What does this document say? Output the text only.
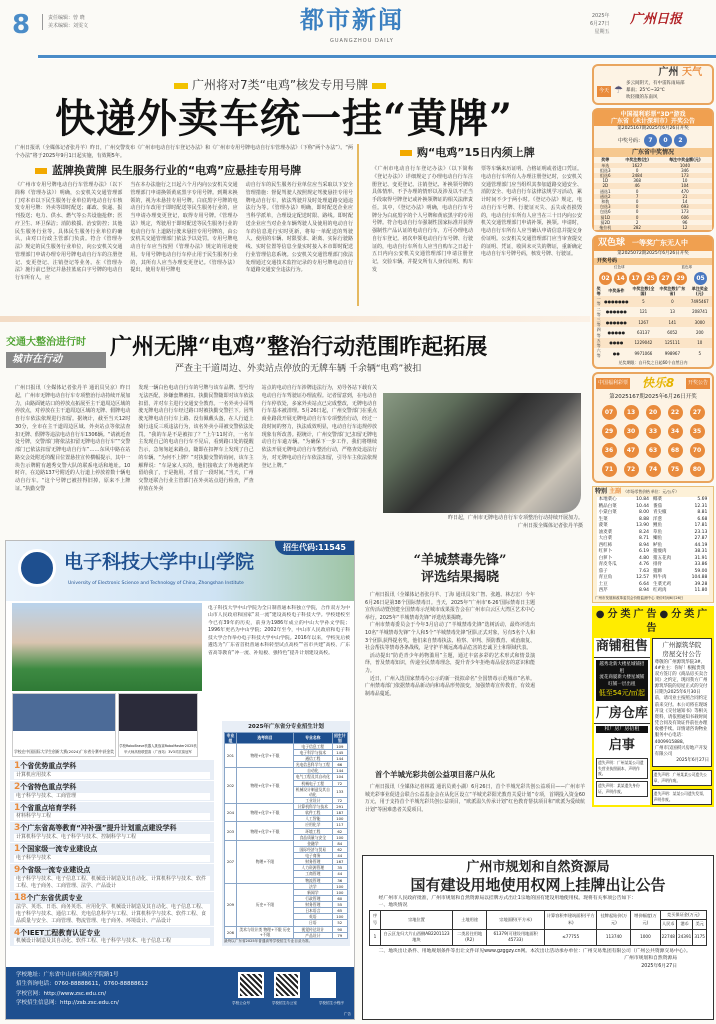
8	责任编辑：曾 晓
美术编辑：刘雯文	都市新闻
GUANGZHOU DAILY
2025年
6月27日
星期五
广州日报
广州将对7类“电鸡”核发专用号牌
快递外卖车统一挂“黄牌”
广州日报讯（全媒体记者张丹羊）昨日，广州交警发布《广州市电动自行车登记办法》和《广州市专用号牌电动自行车管理办法》（下称“两个办法”）。“两个办法”将于2025年9月1日起实施，有效期5年。
蓝牌换黄牌 民生服务行业的“电鸡”应悬挂专用号牌
《广州市专用号牌电动自行车管理办法》（以下简称《管理办法》）明确，公安机关交通管理部门对本市以下民生服务行业单位的电动自行车核发专用号牌：外卖等即时配送；邮政、快递、报刊投送；电力、供水、燃气等公共设施抢修；医疗卫生、环卫保洁；消防救援、治安防控；其他民生服务行业等。具体民生服务行业单位的确认，由对口行政主管部门负责。符合《管理办法》规定的民生服务行业单位，向公安机关交通管理部门申请办理专用号牌电动自行车的注册登记、变更登记、注销登记等业务。在《管理办法》施行前已登记并悬挂蓝底白字号牌的电动自行车所有人，应
当在本办法施行之日起六个月内向公安机关交通管理部门申请换领黄底黑字专用号牌。到期未换领的，视为未悬挂专用号牌。白底黑字号牌的电动自行车改用于即时配送等民生服务行业的，应当申请办理变更登记，取得专用号牌。《管理办法》规定，驾驶用于即时配送等民生服务行业的电动自行车上道路行驶未悬挂专用号牌的，由公安机关交通管理部门依法予以处罚。专用号牌电动自行车应当按照《管理办法》规定的用途使用。专用号牌电动自行车停止用于民生服务行业的，其所有人应当办理变更登记。《管理办法》提出，使用专用号牌电
动自行车的民生服务行业单位应当采取以下安全管理措施：督促驾驶人按照规定驾驶悬挂专用号牌电动自行车，依法驾驶并及时处理道路交通违法行为等。《管理办法》明确，即时配送企业应当科学派单，合理设定配送时限、路线。即时配送企业应当对企业车辆驾驶人及使用的电动自行车的信息进行实时更新，将每一单配送的驾驶人、使用的车辆、时限要求、距离、实际行驶路线、实时位置等信息全量实时接入本市即时配送行业管理信息系统。公安机关交通管理部门依法处理通过交通技术监控记录的专用号牌电动自行车道路交通安全违法行为。
购“电鸡”15日内须上牌
《广州市电动自行车登记办法》（以下简称《登记办法》）详细规定了办理电动自行车注册登记、变更登记、注销登记、补换领号牌的具体情形、不予办理的情形以及涉及以不正当手段取得号牌登记或补换领牌证的相关法律责任。其中，《登记办法》明确，电动自行车号牌分为白底黑字的个人号牌和黄底黑字的专用号牌。符合电动自行车强制性国家标准并获得强制性产品认证的电动自行车，方可办理电动自行车登记。初次申领电动自行车号牌、行驶证的，电动自行车所有人应当自购车之日起十五日内向公安机关交通管理部门申请注册登记，交验车辆，并提交所有人身份证明、购车发
票等车辆来历证明、合格证明或者进口凭证。电动自行车所有人办理注册登记时，公安机关交通管理部门应当组织其参加道路交通安全、消防安全、电动自行车法律法规学习活动，累计时间不少于两小时。《登记办法》规定，电动自行车号牌、行驶证灭失、丢失或者损毁的，电动自行车所有人应当在三十日内向公安机关交通管理部门申请补领、换领。申请时，电动自行车所有人应当确认申请信息并提交身份证明。公安机关交通管理部门应当审查提交的证明、凭证，收回未灭失的牌证，重新确定电动自行车号牌号码，核发号牌、行驶证。
交通大整治进行时
城市在行动	广州无牌“电鸡”整治行动范围昨起拓展
严查主干道周边、外卖站点停放的无牌车辆 千余辆“电鸡”被扣
广州日报讯（全媒体记者张丹羊 通讯员吴京）昨日起，广州市无牌电动自行车专项整治行动持续开展加力，由路面链站口的停放点拓展至主干道周边区域的停放点，对停放在主干道周边区域的无牌、假牌电动自行车依法依规进行扣留。据统计，截至当天12时30分，全市在主干道周边区域、外卖站点等依法查扣无牌、假牌等违法电动自行车1306辆。“请就近查处号牌，交警部门将依法扣留无牌电动自行车”“交警部门已依法扣留无牌电动自行车”……东风中路在站路交会处附近的醒目位置悬挂宣传横幅提示，其中一块告示牌附有越秀交警大队的联系电话和地址。10时许，在边路137号附近的人行道上停放着数十辆电动自行车。“这个号牌已被挂得旧掉，原来不上牌证。”执勤交警
发现一辆白色电动自行车的号牌与该车品牌、型号均无法匹配，涉嫌套牌被扣。执勤民警随即对该车依法扣留，并对车主进行交通安全教育。一名外卖小哥驾驶无牌电动自行车经过路口时被执勤交警拦下。因驾驶无牌电动自行车上路、没有佩戴头盔，在人行道上骑行违反三项违法行为，该名外卖小哥被交警依法处罚。“我的车是不是被扣了？”上午11时许，一名车主发现自己的电动自行车不见后，看到路口处的提醒告示，急匆匆赶来路点，随即在扣押车上发现了自己的车辆。“为何不上牌？”对执勤交警的询问，该车主解释说：“车是家人买的，他们接收去了外地就把车留给我了，于是拖用，才留了一段时间。”当天，广州交警还联合行业主管部门在外卖站点进行检查，严查停放在外卖
站点的电动自行车涉牌违法行为，劝导各站下载有关电动自行车驾驶证办理流程。记者留意到，在电动自行车停放处，多家外卖站点已完成整改，无牌电动自行车基本被清理。5月26日起，广州交警部门在重点商业路段开展无牌电动自行车专项整治行动，经过一段时间的努力，执法成效明显，电动自行车违规停放现象有所改善。据统计，广州交警部门已扣留无牌电动自行车逾万辆。“为确保下一步工作，我们将继续依法开展无牌电动自行车整治行动，严格查处违法行为，对无牌电动自行车依法扣留，引导车主依法依规登记上牌。”
昨日起，广州市无牌电动自行车专项整治行动持续开展加力。
广州日报全媒体记者张丹羊摄
广州 天气
今天 ☂
多云间阴天，有中雷阵雨局部
暴雨；25℃~32℃
吹轻微的东南风
中国福利彩票“3D”游戏
广东省（未计深圳市）开奖公告
第2025167期2025年6月26日开奖
中奖号码： 7 0 2
广东省中奖情况
奖等	中奖注数(注)	每注中奖金额(元)
单选	1627	1040
组选3	0	346
组选6	2484	173
1D	368	10
2D	46	104
通选1	0	470
通选2	7	21
和数	0	14
包选3	0	693
包选6	0	173
猜1D	0	606
猜2D	2	96
拖拉机	282	12
双色球	一等奖广东无人中
第2025072期2025年6月26日开奖
开奖号码
红色球	蓝色球
02 14 17 25 27 29 05
奖等	中奖条件	中奖注数(全国)	中奖注数(广东省)	单注奖金(元)
一等	●●●●●●●	5	0	7495467
二等	●●●●●●	121	13	208741
三等	●●●●●●	1267	141	3000
四等	●●●●●	63137	6052	200
五等	●●●●	1229042	125111	10
六等	●●	9971066	998967	5
兑奖期限：自开奖之日起60个自然日内
中国福利彩票 快乐8	开奖公告
第2025167期2025年6月26日开奖
07	13	20	22	27
29	30	33	34	35
36	47	63	68	70
71	72	74	75	80
特别 主副 （市场零售价格 单位：元/公斤）
本地菜心	10.84	椰菜	5.69
精品白菜	10.44	番茄	12.31
小棠白菜	8.00	青尖椒	8.81
生菜	8.88	洋葱	6.68
菠菜	13.90	鲤鱼	17.81
油麦菜	8.24	草鱼	23.13
大白菜	8.71	鲫鱼	27.87
西红柿	8.94	鲈鱼	44.19
红萝卜	6.19	猪瘦肉	38.31
白萝卜	4.80	猪五花肉	31.91
青皮冬瓜	4.76	排骨	33.86
茄子	7.63	猪蹄	59.00
青豆角	12.57	鲜牛肉	104.88
土豆	6.64	生菜光鸡	39.28
西芹	8.94	红鸡肉	11.80
广州市发展和改革委员会价格监测中心 采价时间6月26日
●分类广告●分类广告
商铺租售
越秀北新大楼星城铺招租
流花商厦新大楼星城铺
旺铺一层出租
低至54元/㎡起
厂房仓库
和厂房厂房招租
启事
遗失声明：广州某某公司遗失营业执照副本，声明作废。
遗失声明：某某遗失身份证，声明作废。
广州源筑华院
房屋交付公告
尊敬的广州源筑华院3#、4#业主：你好！根据贵我双方签订的《商品房买卖合同》之约定，现同我方广州源筑华院的房屋正式的交付日期为2025年6月30日前，请司业主按照合同约定前来交付。本公司将在现场开设《交付通知书》等相关资料，请依照通知书载时间凭合同及有效证件前往办理收楼手续。详情请咨询物业服务中心电话：4009915888。
广州市汉国祺兴房地产开发有限公司
2025年6月27日
遗失声明：广州某某公司遗失公章，声明作废。
遗失声明：某某公司遗失发票，声明作废。
电子科技大学中山学院
University of Electronic Science and Technology of China, Zhongshan Institute
招生代码:11545
电子科技大学中山学院为全日制普通本科独立学院，合作双方为中山市人民政府和国家“双一流”建设高校电子科技大学。学校建校至今已有39年的历史，前身为1986年成立的中山大学孙文学院；1996年更名为中山学院；2002年至今，中山市人民政府和电子科技大学合作举办电子科技大学中山学院。2016年以来，学校先后被遴选为“广东省首批普通本科转型试点高校”“省市共建”高校、广东省高等教育“冲一流、补短板、强特色”提升计划建设高校。
学校在中国国际大学生创新大赛(2024)广东省分赛中获金奖
学校RoboBrave机器人挑战赛RoboMaster2025机甲大师高校联盟赛（广西站）3V3对抗赛冠军
1个省优势重点学科
计算机应用技术
2个省特色重点学科
电子科学与技术、工商管理
1个省重点培育学科
材料科学与工程
3个广东省高等教育“冲补强”提升计划重点建设学科
计算机科学与技术、电子科学与技术、控制科学与工程
1个国家级一流专业建设点
电子科学与技术
9个省级一流专业建设点
电子科学与技术、电子信息工程、机械设计制造及其自动化、计算机科学与技术、软件工程、电子商务、工商管理、法学、产品设计
18个广东省优质专业
法学、英语、日语、商务英语、应用化学、机械设计制造及其自动化、电子信息工程、电子科学与技术、通信工程、光电信息科学与工程、计算机科学与技术、软件工程、食品质量与安全、工商管理、物流管理、电子商务、环境设计、产品设计
4个IEET工程教育认证专业
机械设计制造及其自动化、软件工程、电子科学与技术、电子信息工程
2025年广东省分专业招生计划
专业组	选考科目	专业名称	招生计划
201	物理+化学+不限	电子信息工程	109
		电子科学与技术	145
		通信工程	144
		光电信息科学与工程	66
202	物理+化学+不限	自动化	144
		电气工程及其自动化	104
		机械电子工程	72
		机械设计制造及其自动化	133
		工业设计	72
204	物理+化学+不限	计算机科学与技术	291
		软件工程	187
		人工智能	100
203	物理+化学+不限	应用化学	117
		环境工程	62
		食品质量与安全	100
207	物理+不限	金融学	84
		国际经济与贸易	62
		电子商务	44
		财务管理	167
		人力资源管理	35
		工商管理	44
		物流管理	36
209	历史+不限	法学	100
		新闻学	100
		行政管理	60
		财务管理	55
		日本语言	65
		英语	100
		日语	52
206	美术与设计类 物理+不限 历史+不限	视觉传达设计	90
		产品设计	79
最终以广东省2025年普通高等学校招生专业目录为准。
学校地址：广东省中山市石岐区学院路1号
招生咨询电话：0760-88888611，0760-88888612
学校官网：http://www.zsc.edu.cn/
学校招生信息网：http://zsb.zsc.edu.cn/	学校公众号	学校招生办公室	学校招生小程序
广告
“羊城禁毒先锋”
评选结果揭晓

广州日报讯（全媒体记者张丹羊、丁海 通讯员朱广智、张越、林志宏）今年6月26日是第38个国际禁毒日。当天，2025年“广州市‘6·26’国际禁毒日主题宣传活动暨创建全国禁毒示范城市成果报告会在广州市白云区大湾区艺术中心举行。2025年“羊城禁毒先锋”评选结果揭晓。

广州市禁毒委员会于今年3月启动了“羊城禁毒先锋”选树活动，最终评选出10名“羊城禁毒先锋”个人和5个“羊城禁毒先锋”团队正式对象，另有5名个人和3个团队获得提名奖。他们来自禁毒执法、检察、审判、预防教育、戒治康复、社会帮扶等禁毒各条战线，是守护羊城远离毒品危害的忠诚卫士和领域代表。

活动提出“防范青少年药物滥用”主题，通过丰富多彩的艺术形式和情景演绎，普及禁毒知识，传递全民禁毒理念，提升青少年拒绝毒品侵害的意识和能力。

近日，广州入选国家禁毒办公示的新一批拟命名“全国禁毒示范城市”名单。广州禁毒部门依据禁毒品新动向和毒品形势演变，加强禁毒宣传教育，有效遏制毒品蔓延。

首个羊城光彩共创公益项目落户从化
广州日报讯（全媒体记者林霞 通讯员黄小湖）6月26日，首个羊城光彩共创公益项目——广州市羊城光彩事业促进会联合公益基金会在从化区设立“羊城光彩阳光教育关爱计划”专项，首期投入资金60万元，用于支持首个羊城光彩共创公益项目，“欧派温久传承计划”红色教育帮扶项目和“欧派为爱续航计划”等困难患者关爱项目。
广州市规划和自然资源局
国有建设用地使用权网上挂牌出让公告

经广州市人民政府批准，广州市规划和自然资源局以挂牌方式出让1宗地的国有建设用地使用权。现将有关事项公告如下：

一、地块情况

序号	宗地位置	土地用途	宗地面积(平方米)	计算容积率建筑面积(平方米)	挂牌起始价(万元)	增价幅度(万元)	竞买保证金(万元)		
							人民币	港币	美元
1	白云区龙归大片山西侧AB2201123地块	二类居住用地(R2)	61379(可建设用地面积45733)	≤77755	113740	1000	22748	24391	3175

二、地块出让条件、用地规划条件等出让文件详见www.gzggzy.cn网。本次出让活动承办单位：广州交易集团有限公司（广州公共资源交易中心）。

广州市规划和自然资源局
2025年6月27日
